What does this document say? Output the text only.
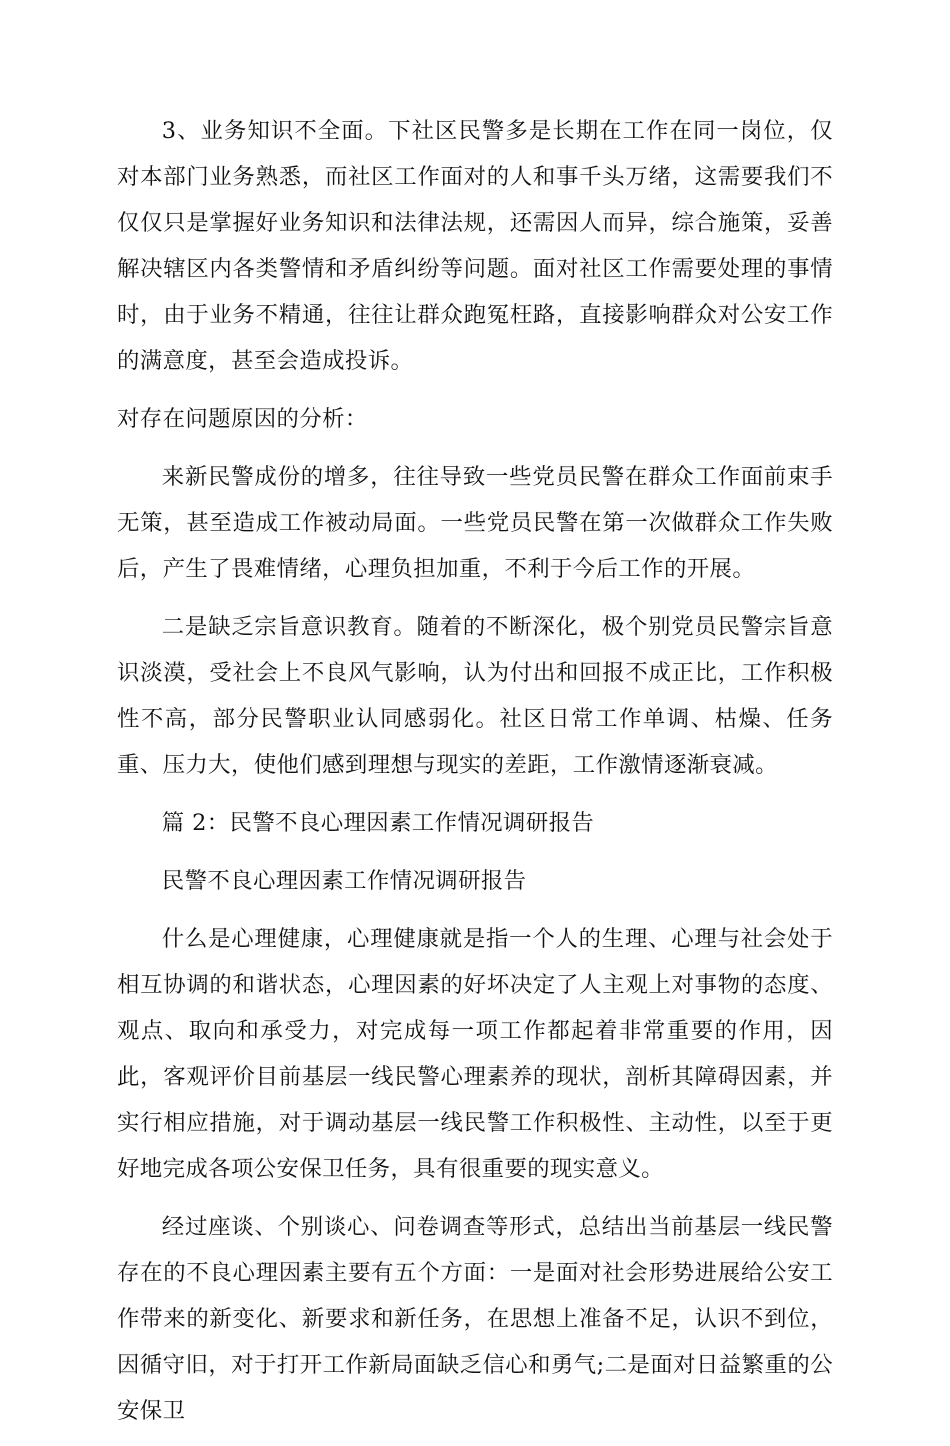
3、业务知识不全面。下社区民警多是长期在工作在同一岗位，仅对本部门业务熟悉，而社区工作面对的人和事千头万绪，这需要我们不仅仅只是掌握好业务知识和法律法规，还需因人而异，综合施策，妥善解决辖区内各类警情和矛盾纠纷等问题。面对社区工作需要处理的事情时，由于业务不精通，往往让群众跑冤枉路，直接影响群众对公安工作的满意度，甚至会造成投诉。

对存在问题原因的分析：

来新民警成份的增多，往往导致一些党员民警在群众工作面前束手无策，甚至造成工作被动局面。一些党员民警在第一次做群众工作失败后，产生了畏难情绪，心理负担加重，不利于今后工作的开展。

二是缺乏宗旨意识教育。随着的不断深化，极个别党员民警宗旨意识淡漠，受社会上不良风气影响，认为付出和回报不成正比，工作积极性不高，部分民警职业认同感弱化。社区日常工作单调、枯燥、任务重、压力大，使他们感到理想与现实的差距，工作激情逐渐衰减。

篇 2：民警不良心理因素工作情况调研报告

民警不良心理因素工作情况调研报告

什么是心理健康，心理健康就是指一个人的生理、心理与社会处于相互协调的和谐状态，心理因素的好坏决定了人主观上对事物的态度、观点、取向和承受力，对完成每一项工作都起着非常重要的作用，因此，客观评价目前基层一线民警心理素养的现状，剖析其障碍因素，并实行相应措施，对于调动基层一线民警工作积极性、主动性，以至于更好地完成各项公安保卫任务，具有很重要的现实意义。

经过座谈、个别谈心、问卷调查等形式，总结出当前基层一线民警存在的不良心理因素主要有五个方面：一是面对社会形势进展给公安工作带来的新变化、新要求和新任务，在思想上准备不足，认识不到位，因循守旧，对于打开工作新局面缺乏信心和勇气;二是面对日益繁重的公安保卫
